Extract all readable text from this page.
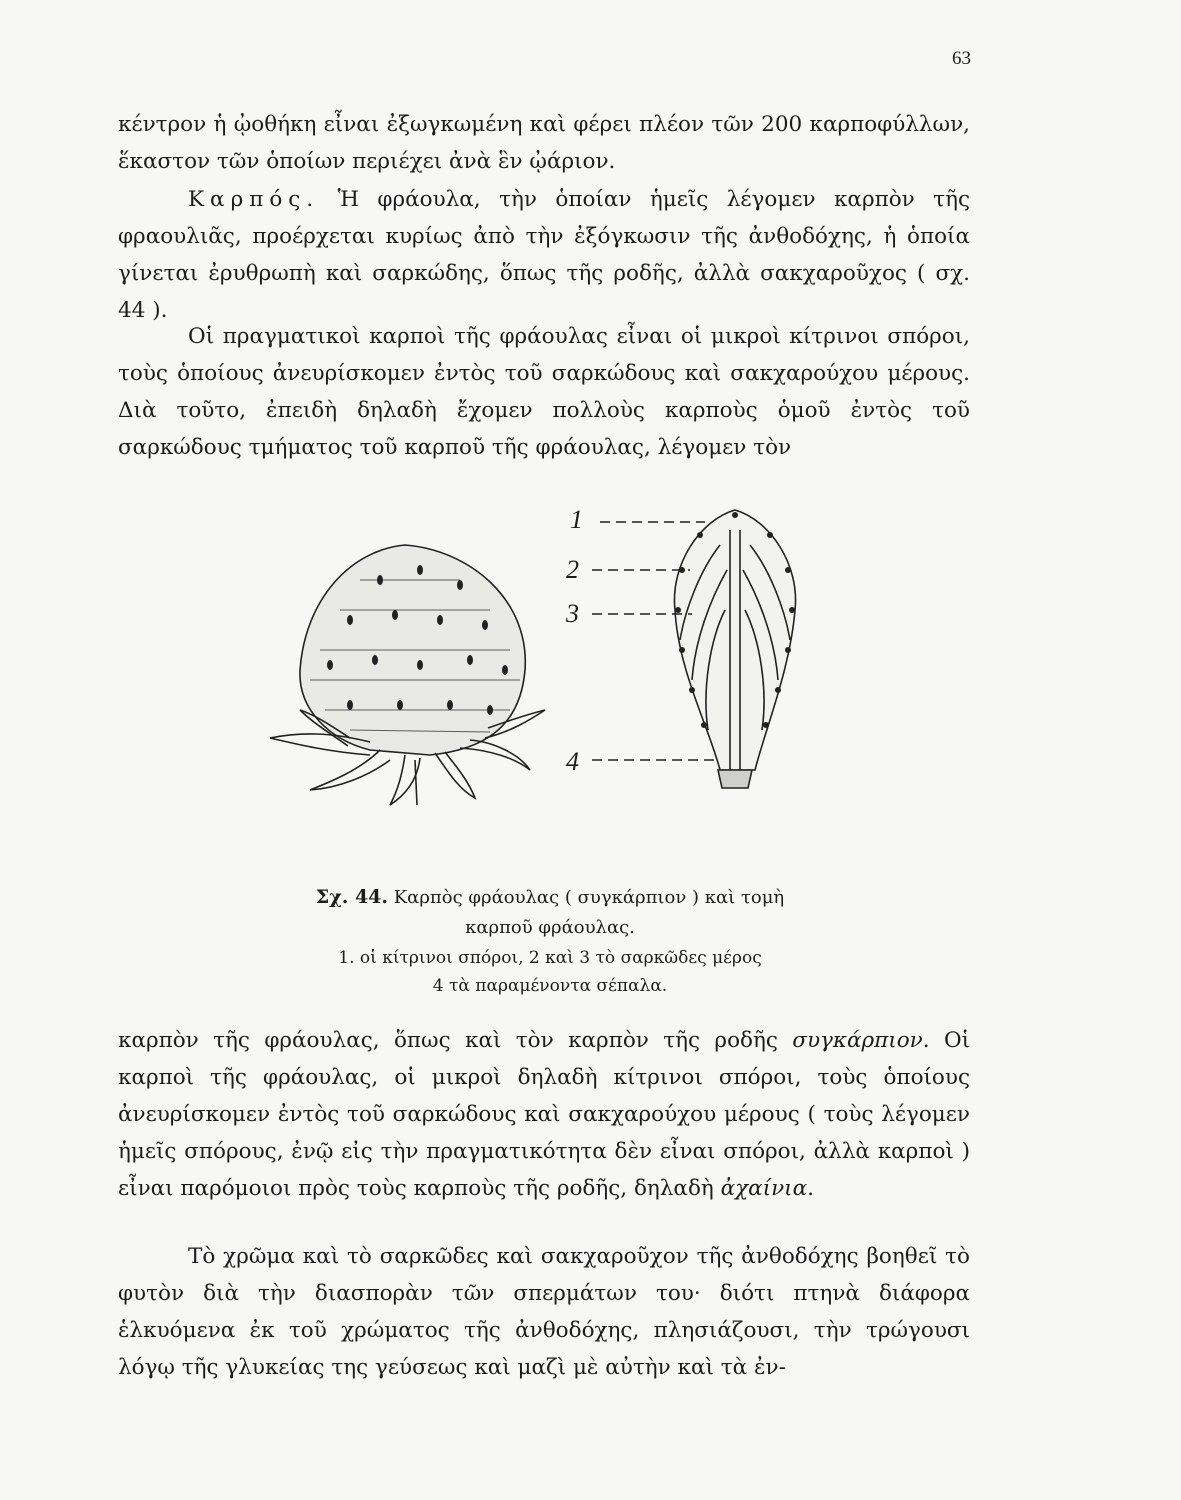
63

κέντρον ἡ ᾠοθήκη εἶναι ἐξωγκωμένη καὶ φέρει πλέον τῶν 200 καρποφύλλων, ἕκαστον τῶν ὁποίων περιέχει ἀνὰ ἓν ᾠάριον.

Καρπός. Ἡ φράουλα, τὴν ὁποίαν ἡμεῖς λέγομεν καρπὸν τῆς φραουλιᾶς, προέρχεται κυρίως ἀπὸ τὴν ἐξόγκωσιν τῆς ἀνθοδόχης, ἡ ὁποία γίνεται ἐρυθρωπὴ καὶ σαρκώδης, ὅπως τῆς ροδῆς, ἀλλὰ σακχαροῦχος ( σχ. 44 ).

Οἱ πραγματικοὶ καρποὶ τῆς φράουλας εἶναι οἱ μικροὶ κίτρινοι σπόροι, τοὺς ὁποίους ἀνευρίσκομεν ἐντὸς τοῦ σαρκώδους καὶ σακχαρούχου μέρους. Διὰ τοῦτο, ἐπειδὴ δηλαδὴ ἔχομεν πολλοὺς καρποὺς ὁμοῦ ἐντὸς τοῦ σαρκώδους τμήματος τοῦ καρποῦ τῆς φράουλας, λέγομεν τὸν

1
2
3
4

Σχ. 44. Καρπὸς φράουλας ( συγκάρπιον ) καὶ τομὴ

καρποῦ φράουλας.

1. οἱ κίτρινοι σπόροι, 2 καὶ 3 τὸ σαρκῶδες μέρος

4 τὰ παραμένοντα σέπαλα.

καρπὸν τῆς φράουλας, ὅπως καὶ τὸν καρπὸν τῆς ροδῆς συγκάρπιον. Οἱ καρποὶ τῆς φράουλας, οἱ μικροὶ δηλαδὴ κίτρινοι σπόροι, τοὺς ὁποίους ἀνευρίσκομεν ἐντὸς τοῦ σαρκώδους καὶ σακχαρούχου μέρους ( τοὺς λέγομεν ἡμεῖς σπόρους, ἐνῷ εἰς τὴν πραγματικότητα δὲν εἶναι σπόροι, ἀλλὰ καρποὶ ) εἶναι παρόμοιοι πρὸς τοὺς καρποὺς τῆς ροδῆς, δηλαδὴ ἀχαίνια.

Τὸ χρῶμα καὶ τὸ σαρκῶδες καὶ σακχαροῦχον τῆς ἀνθοδόχης βοηθεῖ τὸ φυτὸν διὰ τὴν διασπορὰν τῶν σπερμάτων του· διότι πτηνὰ διάφορα ἑλκυόμενα ἐκ τοῦ χρώματος τῆς ἀνθοδόχης, πλησιάζουσι, τὴν τρώγουσι λόγῳ τῆς γλυκείας της γεύσεως καὶ μαζὶ μὲ αὐτὴν καὶ τὰ ἐν-
